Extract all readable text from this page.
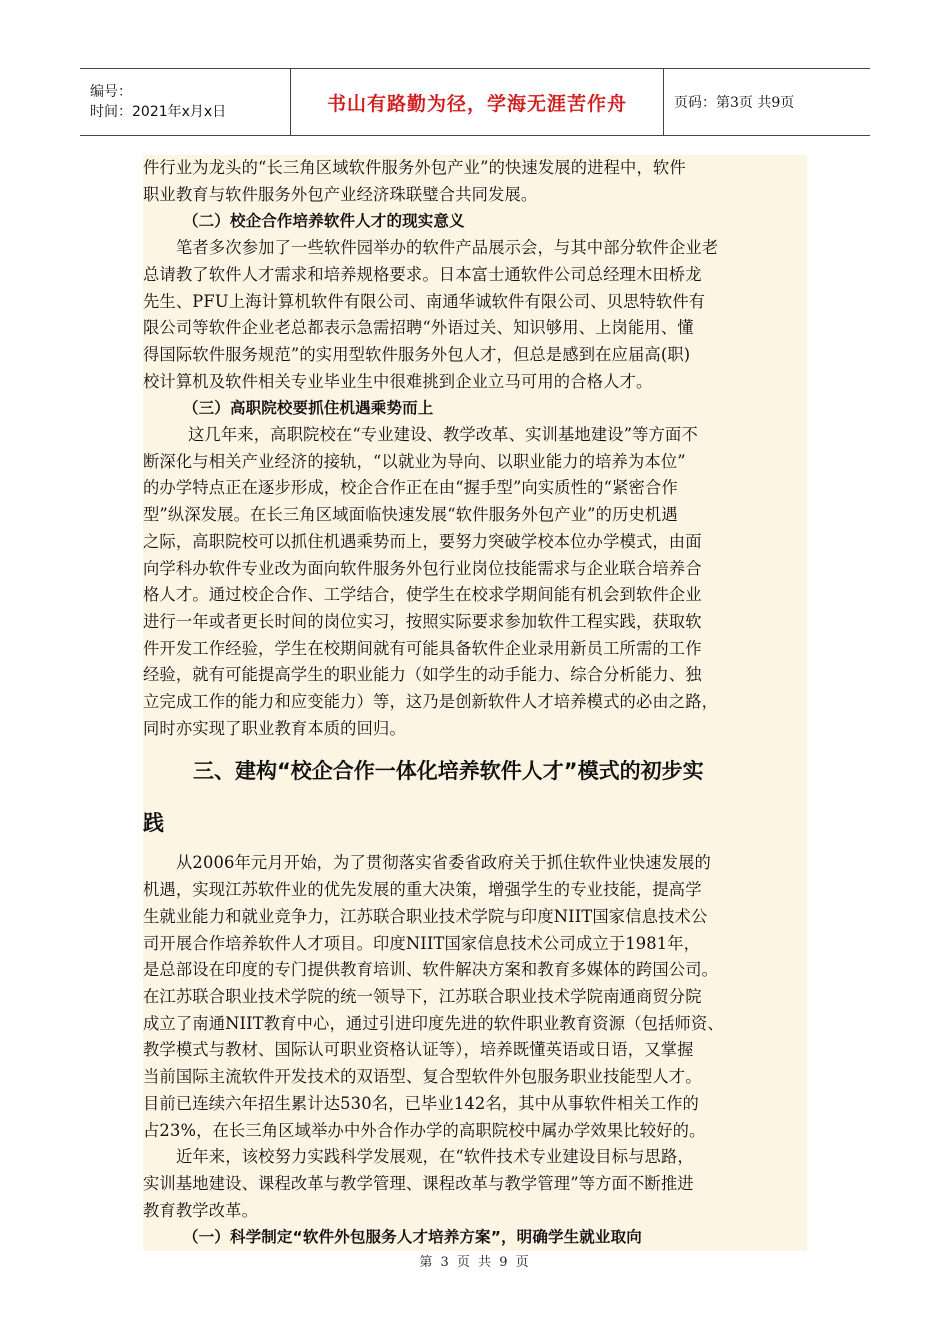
编号：
时间：2021年x月x日	书山有路勤为径，学海无涯苦作舟	页码：第3页 共9页

件行业为龙头的“长三角区域软件服务外包产业”的快速发展的进程中，软件

职业教育与软件服务外包产业经济珠联璧合共同发展。

（二）校企合作培养软件人才的现实意义

笔者多次参加了一些软件园举办的软件产品展示会，与其中部分软件企业老

总请教了软件人才需求和培养规格要求。日本富士通软件公司总经理木田桥龙

先生、PFU上海计算机软件有限公司、南通华诚软件有限公司、贝思特软件有

限公司等软件企业老总都表示急需招聘“外语过关、知识够用、上岗能用、懂

得国际软件服务规范”的实用型软件服务外包人才，但总是感到在应届高(职)

校计算机及软件相关专业毕业生中很难挑到企业立马可用的合格人才。

（三）高职院校要抓住机遇乘势而上

这几年来，高职院校在“专业建设、教学改革、实训基地建设”等方面不

断深化与相关产业经济的接轨，“以就业为导向、以职业能力的培养为本位”

的办学特点正在逐步形成，校企合作正在由“握手型”向实质性的“紧密合作

型”纵深发展。在长三角区域面临快速发展“软件服务外包产业”的历史机遇

之际，高职院校可以抓住机遇乘势而上，要努力突破学校本位办学模式，由面

向学科办软件专业改为面向软件服务外包行业岗位技能需求与企业联合培养合

格人才。通过校企合作、工学结合，使学生在校求学期间能有机会到软件企业

进行一年或者更长时间的岗位实习，按照实际要求参加软件工程实践，获取软

件开发工作经验，学生在校期间就有可能具备软件企业录用新员工所需的工作

经验，就有可能提高学生的职业能力（如学生的动手能力、综合分析能力、独

立完成工作的能力和应变能力）等，这乃是创新软件人才培养模式的必由之路，

同时亦实现了职业教育本质的回归。

三、建构“校企合作一体化培养软件人才”模式的初步实

践

从2006年元月开始，为了贯彻落实省委省政府关于抓住软件业快速发展的

机遇，实现江苏软件业的优先发展的重大决策，增强学生的专业技能，提高学

生就业能力和就业竞争力，江苏联合职业技术学院与印度NIIT国家信息技术公

司开展合作培养软件人才项目。印度NIIT国家信息技术公司成立于1981年，

是总部设在印度的专门提供教育培训、软件解决方案和教育多媒体的跨国公司。

在江苏联合职业技术学院的统一领导下，江苏联合职业技术学院南通商贸分院

成立了南通NIIT教育中心，通过引进印度先进的软件职业教育资源（包括师资、

教学模式与教材、国际认可职业资格认证等），培养既懂英语或日语，又掌握

当前国际主流软件开发技术的双语型、复合型软件外包服务职业技能型人才。

目前已连续六年招生累计达530名，已毕业142名，其中从事软件相关工作的

占23%，在长三角区域举办中外合作办学的高职院校中属办学效果比较好的。

近年来，该校努力实践科学发展观，在“软件技术专业建设目标与思路，

实训基地建设、课程改革与教学管理、课程改革与教学管理”等方面不断推进

教育教学改革。

（一）科学制定“软件外包服务人才培养方案”，明确学生就业取向

第 3 页 共 9 页
